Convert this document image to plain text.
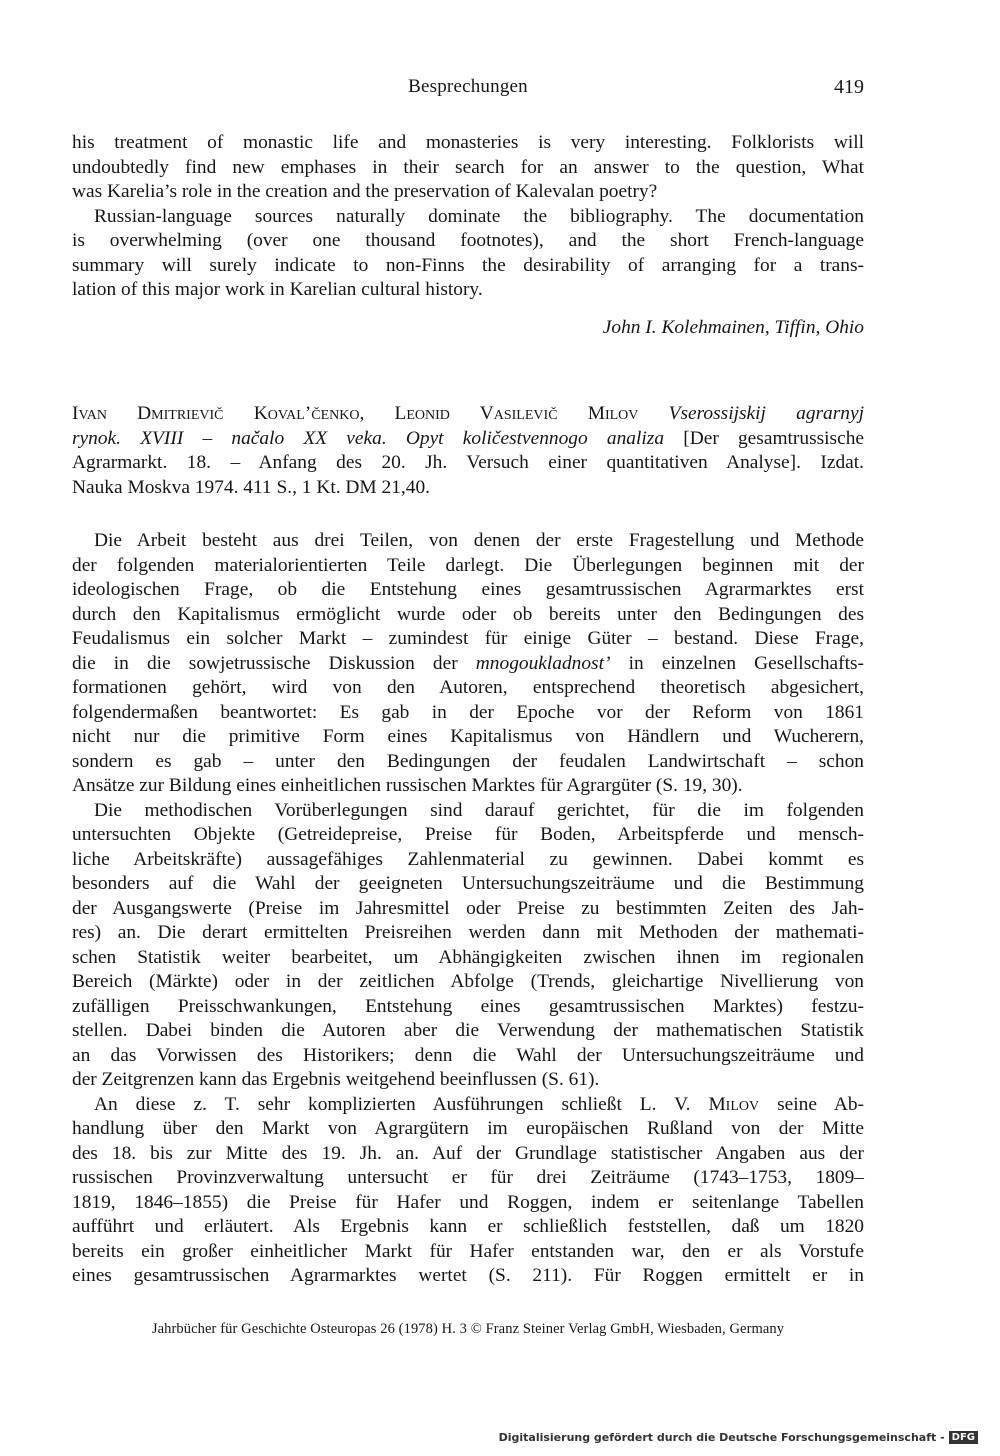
Besprechungen	419
his treatment of monastic life and monasteries is very interesting. Folklorists will
undoubtedly find new emphases in their search for an answer to the question, What
was Karelia’s role in the creation and the preservation of Kalevalan poetry?
Russian-language sources naturally dominate the bibliography. The documentation
is overwhelming (over one thousand footnotes), and the short French-language
summary will surely indicate to non-Finns the desirability of arranging for a trans-
lation of this major work in Karelian cultural history.
John I. Kolehmainen, Tiffin, Ohio
Ivan Dmitrievič Koval’čenko, Leonid Vasilevič Milov Vserossijskij agrarnyj
rynok. XVIII – načalo XX veka. Opyt količestvennogo analiza [Der gesamtrussische
Agrarmarkt. 18. – Anfang des 20. Jh. Versuch einer quantitativen Analyse]. Izdat.
Nauka Moskva 1974. 411 S., 1 Kt. DM 21,40.
Die Arbeit besteht aus drei Teilen, von denen der erste Fragestellung und Methode
der folgenden materialorientierten Teile darlegt. Die Überlegungen beginnen mit der
ideologischen Frage, ob die Entstehung eines gesamtrussischen Agrarmarktes erst
durch den Kapitalismus ermöglicht wurde oder ob bereits unter den Bedingungen des
Feudalismus ein solcher Markt – zumindest für einige Güter – bestand. Diese Frage,
die in die sowjetrussische Diskussion der mnogoukladnost’ in einzelnen Gesellschafts-
formationen gehört, wird von den Autoren, entsprechend theoretisch abgesichert,
folgendermaßen beantwortet: Es gab in der Epoche vor der Reform von 1861
nicht nur die primitive Form eines Kapitalismus von Händlern und Wucherern,
sondern es gab – unter den Bedingungen der feudalen Landwirtschaft – schon
Ansätze zur Bildung eines einheitlichen russischen Marktes für Agrargüter (S. 19, 30).
Die methodischen Vorüberlegungen sind darauf gerichtet, für die im folgenden
untersuchten Objekte (Getreidepreise, Preise für Boden, Arbeitspferde und mensch-
liche Arbeitskräfte) aussagefähiges Zahlenmaterial zu gewinnen. Dabei kommt es
besonders auf die Wahl der geeigneten Untersuchungszeiträume und die Bestimmung
der Ausgangswerte (Preise im Jahresmittel oder Preise zu bestimmten Zeiten des Jah-
res) an. Die derart ermittelten Preisreihen werden dann mit Methoden der mathemati-
schen Statistik weiter bearbeitet, um Abhängigkeiten zwischen ihnen im regionalen
Bereich (Märkte) oder in der zeitlichen Abfolge (Trends, gleichartige Nivellierung von
zufälligen Preisschwankungen, Entstehung eines gesamtrussischen Marktes) festzu-
stellen. Dabei binden die Autoren aber die Verwendung der mathematischen Statistik
an das Vorwissen des Historikers; denn die Wahl der Untersuchungszeiträume und
der Zeitgrenzen kann das Ergebnis weitgehend beeinflussen (S. 61).
An diese z. T. sehr komplizierten Ausführungen schließt L. V. Milov seine Ab-
handlung über den Markt von Agrargütern im europäischen Rußland von der Mitte
des 18. bis zur Mitte des 19. Jh. an. Auf der Grundlage statistischer Angaben aus der
russischen Provinzverwaltung untersucht er für drei Zeiträume (1743–1753, 1809–
1819, 1846–1855) die Preise für Hafer und Roggen, indem er seitenlange Tabellen
aufführt und erläutert. Als Ergebnis kann er schließlich feststellen, daß um 1820
bereits ein großer einheitlicher Markt für Hafer entstanden war, den er als Vorstufe
eines gesamtrussischen Agrarmarktes wertet (S. 211). Für Roggen ermittelt er in
Jahrbücher für Geschichte Osteuropas 26 (1978) H. 3 © Franz Steiner Verlag GmbH, Wiesbaden, Germany
Digitalisierung gefördert durch die Deutsche Forschungsgemeinschaft - DFG
